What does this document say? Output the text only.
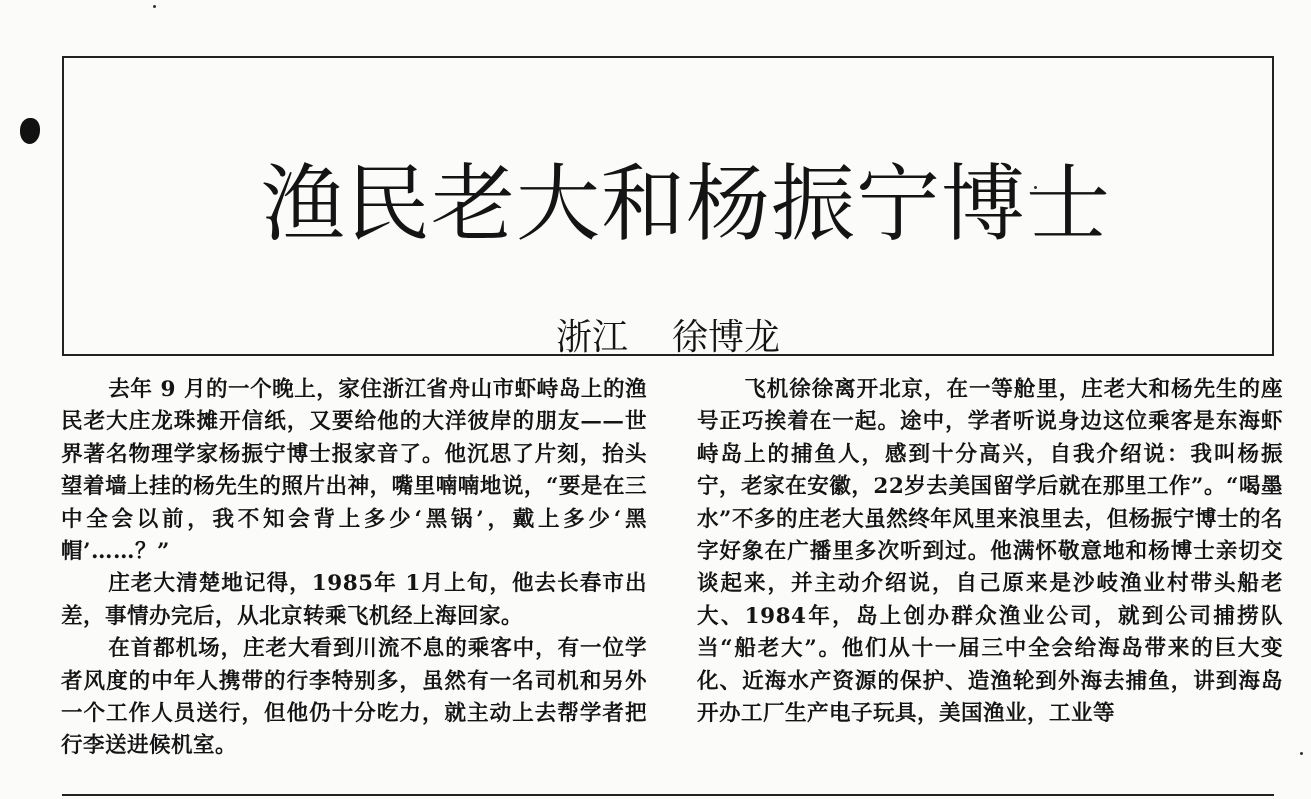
渔民老大和杨振宁博士
浙江 徐博龙

去年 9 月的一个晚上，家住浙江省舟山市虾峙岛上的渔民老大庄龙珠摊开信纸，又要给他的大洋彼岸的朋友——世界著名物理学家杨振宁博士报家音了。他沉思了片刻，抬头望着墙上挂的杨先生的照片出神，嘴里喃喃地说，“要是在三中全会以前，我不知会背上多少‘黑锅’，戴上多少‘黑帽’……？”

庄老大清楚地记得，1985年 1月上旬，他去长春市出差，事情办完后，从北京转乘飞机经上海回家。

在首都机场，庄老大看到川流不息的乘客中，有一位学者风度的中年人携带的行李特别多，虽然有一名司机和另外一个工作人员送行，但他仍十分吃力，就主动上去帮学者把行李送进候机室。

飞机徐徐离开北京，在一等舱里，庄老大和杨先生的座号正巧挨着在一起。途中，学者听说身边这位乘客是东海虾峙岛上的捕鱼人，感到十分高兴，自我介绍说：我叫杨振宁，老家在安徽，22岁去美国留学后就在那里工作”。“喝墨水”不多的庄老大虽然终年风里来浪里去，但杨振宁博士的名字好象在广播里多次听到过。他满怀敬意地和杨博士亲切交谈起来，并主动介绍说，自己原来是沙岐渔业村带头船老大、1984年，岛上创办群众渔业公司，就到公司捕捞队当“船老大”。他们从十一届三中全会给海岛带来的巨大变化、近海水产资源的保护、造渔轮到外海去捕鱼，讲到海岛开办工厂生产电子玩具，美国渔业，工业等
